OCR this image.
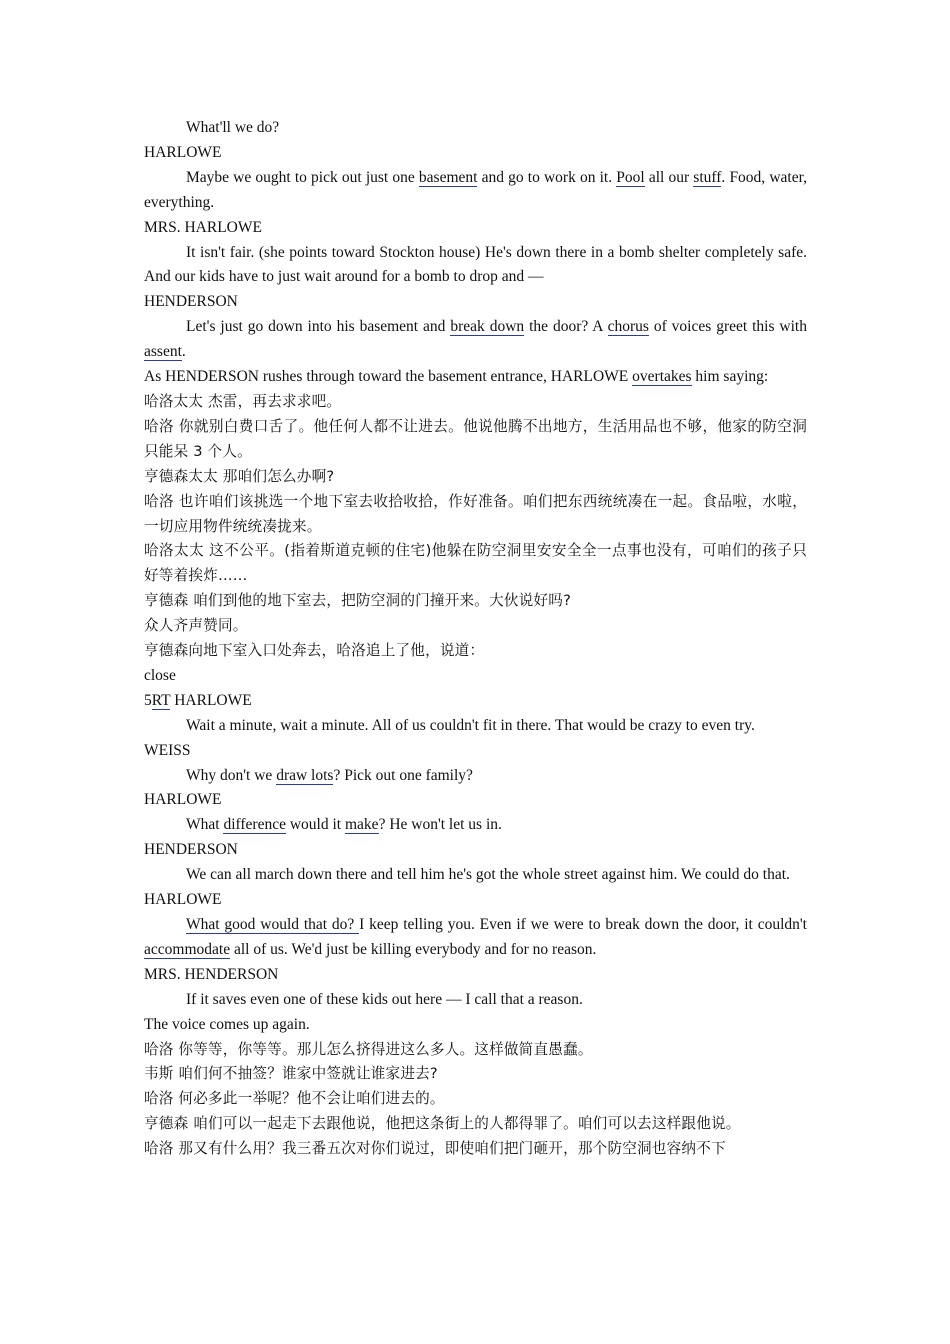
What'll we do?

HARLOWE

Maybe we ought to pick out just one basement and go to work on it. Pool all our stuff. Food, water, everything.

MRS. HARLOWE

It isn't fair. (she points toward Stockton house) He's down there in a bomb shelter completely safe. And our kids have to just wait around for a bomb to drop and —

HENDERSON

Let's just go down into his basement and break down the door? A chorus of voices greet this with assent.

As HENDERSON rushes through toward the basement entrance, HARLOWE overtakes him saying:

哈洛太太 杰雷，再去求求吧。

哈洛 你就别白费口舌了。他任何人都不让进去。他说他腾不出地方，生活用品也不够，他家的防空洞只能呆 3 个人。

亨德森太太 那咱们怎么办啊?

哈洛 也许咱们该挑选一个地下室去收拾收拾，作好准备。咱们把东西统统凑在一起。食品啦，水啦，一切应用物件统统凑拢来。

哈洛太太 这不公平。(指着斯道克顿的住宅)他躲在防空洞里安安全全一点事也没有，可咱们的孩子只好等着挨炸……

亨德森 咱们到他的地下室去，把防空洞的门撞开来。大伙说好吗?

众人齐声赞同。

亨德森向地下室入口处奔去，哈洛追上了他，说道：

close

5RT HARLOWE

Wait a minute, wait a minute. All of us couldn't fit in there. That would be crazy to even try.

WEISS

Why don't we draw lots? Pick out one family?

HARLOWE

What difference would it make? He won't let us in.

HENDERSON

We can all march down there and tell him he's got the whole street against him. We could do that.

HARLOWE

What good would that do? I keep telling you. Even if we were to break down the door, it couldn't accommodate all of us. We'd just be killing everybody and for no reason.

MRS. HENDERSON

If it saves even one of these kids out here — I call that a reason.

The voice comes up again.

哈洛 你等等，你等等。那儿怎么挤得进这么多人。这样做简直愚蠢。

韦斯 咱们何不抽签？谁家中签就让谁家进去?

哈洛 何必多此一举呢？他不会让咱们进去的。

亨德森 咱们可以一起走下去跟他说，他把这条街上的人都得罪了。咱们可以去这样跟他说。

哈洛 那又有什么用？我三番五次对你们说过，即使咱们把门砸开，那个防空洞也容纳不下
